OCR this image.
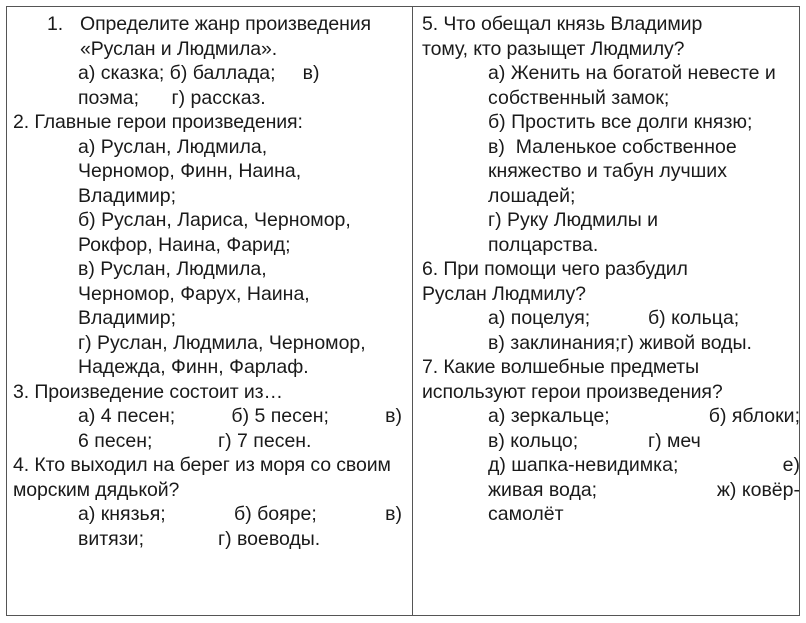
1. Определите жанр произведения «Руслан и Людмила».
а) сказка; б) баллада;     в)
поэма;      г) рассказ.
2. Главные герои произведения:
а) Руслан, Людмила, Черномор, Финн, Наина, Владимир;
б) Руслан, Лариса, Черномор, Рокфор, Наина, Фарид;
в) Руслан, Людмила, Черномор, Фарух, Наина, Владимир;
г) Руслан, Людмила, Черномор, Надежда, Финн, Фарлаф.
3. Произведение состоит из…
а) 4 песен;	б) 5 песен;	в)
6 песен;	г) 7 песен.
4. Кто выходил на берег из моря со своим морским дядькой?
а) князья;	б) бояре;	в)
витязи;	г) воеводы.
5. Что обещал князь Владимир тому, кто разыщет Людмилу?
а) Женить на богатой невесте и собственный замок;
б) Простить все долги князю;
в)  Маленькое собственное княжество и табун лучших лошадей;
г) Руку Людмилы и полцарства.
6. При помощи чего разбудил Руслан Людмилу?
а) поцелуя;	б) кольца;
в) заклинания;г) живой воды.
7. Какие волшебные предметы используют герои произведения?
а) зеркальце;	б) яблоки;
в) кольцо;	г) меч
д) шапка-невидимка;	е)
живая вода;	ж) ковёр-
самолёт
